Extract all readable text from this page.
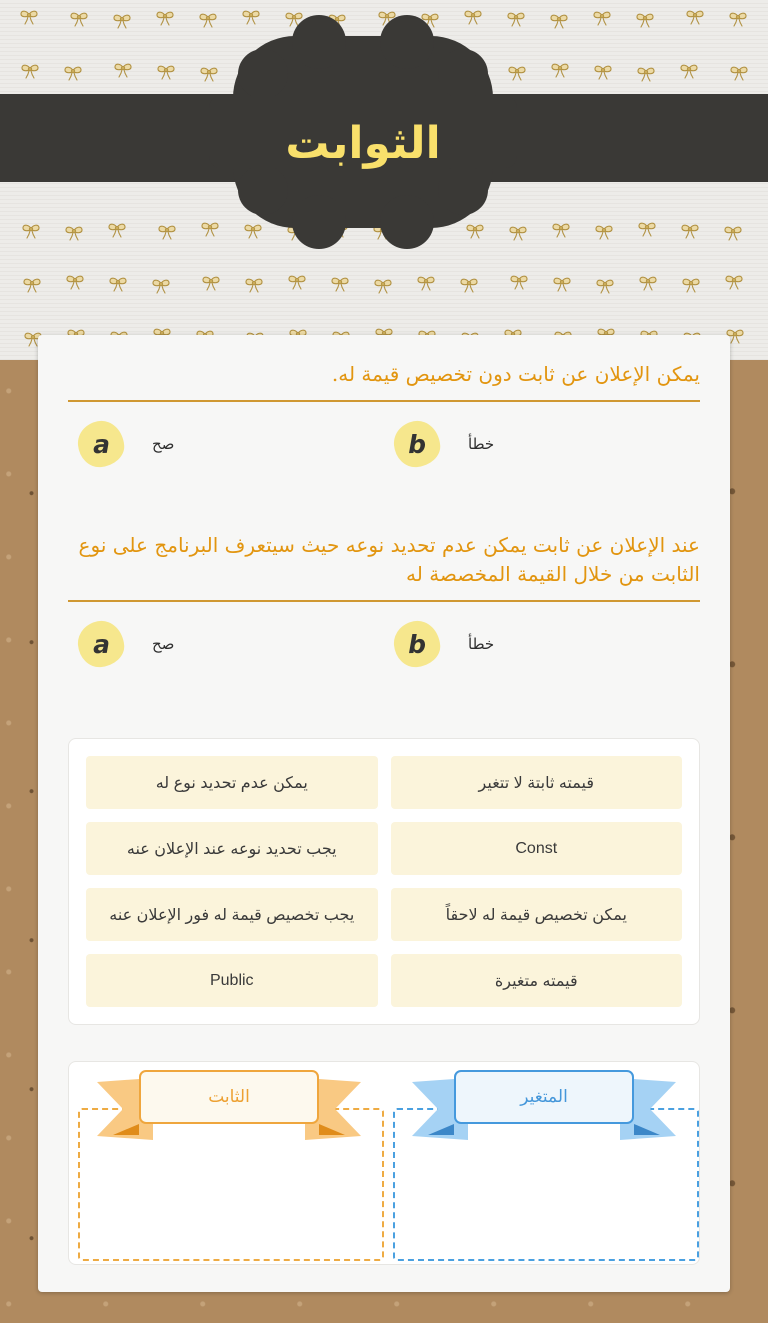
الثوابت
يمكن الإعلان عن ثابت دون تخصيص قيمة له.
a	صح	b	خطأ
عند الإعلان عن ثابت يمكن عدم تحديد نوعه حيث سيتعرف البرنامج على نوع الثابت من خلال القيمة المخصصة له
a	صح	b	خطأ
يمكن عدم تحديد نوع له	قيمته ثابتة لا تتغير
يجب تحديد نوعه عند الإعلان عنه	Const
يجب تخصيص قيمة له فور الإعلان عنه	يمكن تخصيص قيمة له لاحقاً
Public	قيمته متغيرة
الثابت	المتغير
